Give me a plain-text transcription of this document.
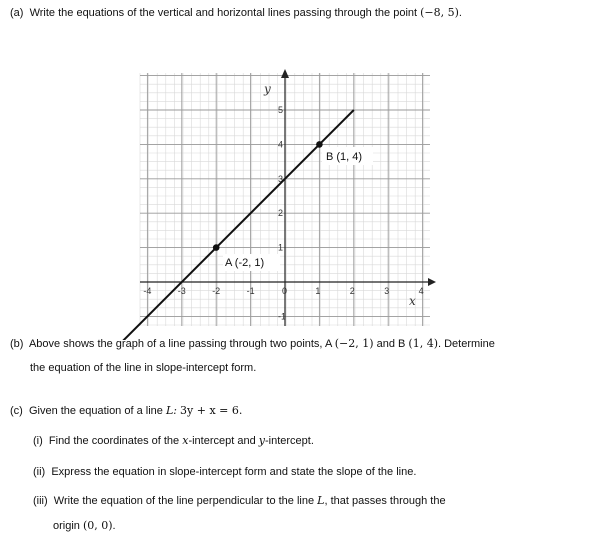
(a) Write the equations of the vertical and horizontal lines passing through the point (−8, 5).
-4	-3	-2	-1	0	1	2	3	4
-1
1
2
3
4
5
y
x
B (1, 4)
A (-2, 1)
(b) Above shows the graph of a line passing through two points, A (−2, 1) and B (1, 4). Determine
the equation of the line in slope-intercept form.
(c) Given the equation of a line L: 3y + x = 6.
(i) Find the coordinates of the x-intercept and y-intercept.
(ii) Express the equation in slope-intercept form and state the slope of the line.
(iii) Write the equation of the line perpendicular to the line L, that passes through the
origin (0, 0).
